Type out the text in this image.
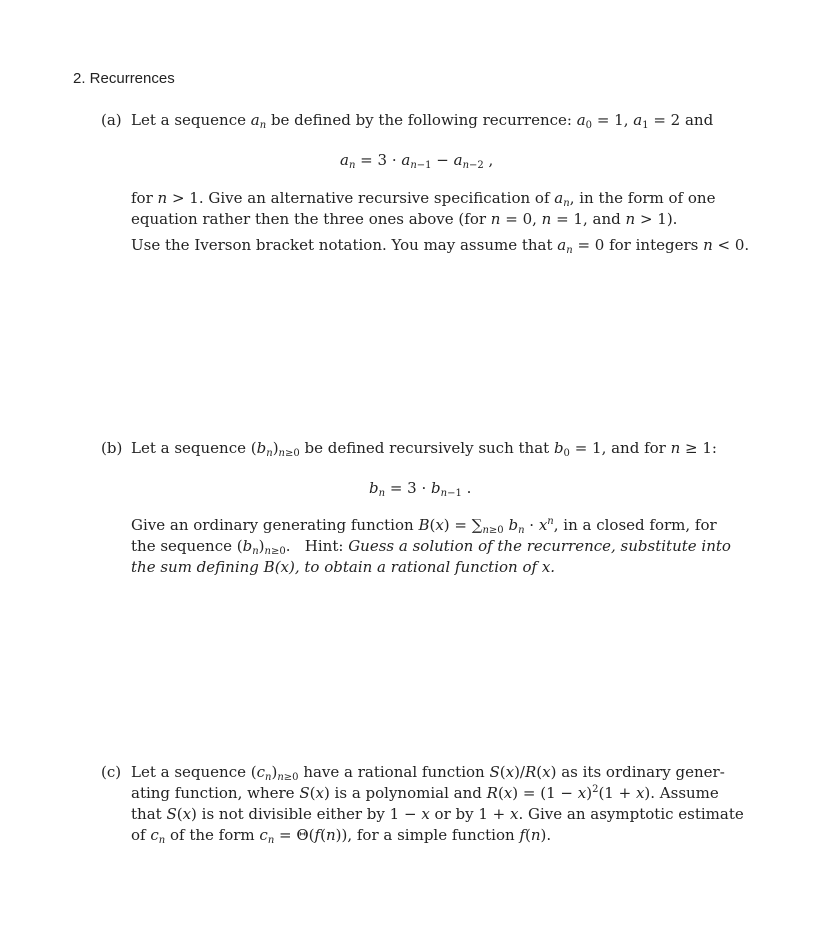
2. Recurrences
(a) Let a sequence $a_n$ be defined by the following recurrence: $a_0 = 1$, $a_1 = 2$ and
$a_n = 3 \cdot a_{n-1} - a_{n-2}$ ,
for n > 1. Give an alternative recursive specification of $a_n$, in the form of one
equation rather then the three ones above (for n = 0, n = 1, and n > 1).
Use the Iverson bracket notation. You may assume that $a_n = 0$ for integers n < 0.
(b) Let a sequence $(b_n)_{n\ge 0}$ be defined recursively such that $b_0 = 1$, and for n ≥ 1:
$b_n = 3 \cdot b_{n-1}$ .
Give an ordinary generating function $B(x) = \sum_{n\ge 0}$ $b_n \cdot x^n$, in a closed form, for
the sequence $(b_n)_{n\ge 0}$.   Hint: Guess a solution of the recurrence, substitute into
the sum defining B(x), to obtain a rational function of x.
(c) Let a sequence $(c_n)_{n\ge 0}$ have a rational function S(x)/R(x) as its ordinary gener-
ating function, where S(x) is a polynomial and $R(x) = (1 - x)^2(1 + x)$. Assume
that S(x) is not divisible either by 1 − x or by 1 + x. Give an asymptotic estimate
of $c_n$ of the form $c_n = \Theta(f(n))$, for a simple function f(n).
